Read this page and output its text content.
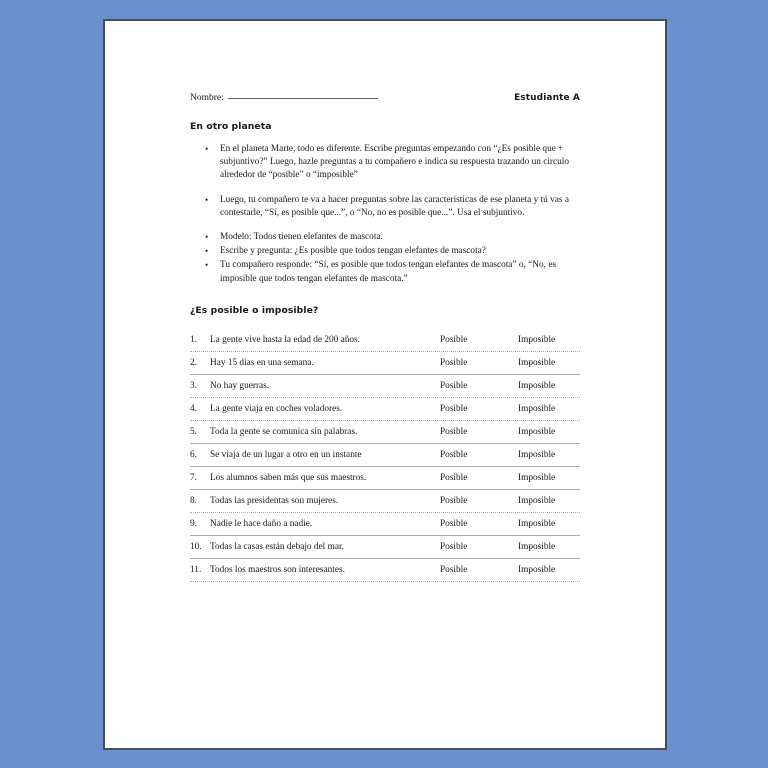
Nombre:	Estudiante A
En otro planeta
• En el planeta Marte, todo es diferente. Escribe preguntas empezando con “¿Es posible que + subjuntivo?” Luego, hazle preguntas a tu compañero e indica su respuesta trazando un circulo alrededor de “posible” o “imposible”
• Luego, tu compañero te va a hacer preguntas sobre las caracteristicas de ese planeta y tú vas a contestarle, “Sí, es posible que...”, o “No, no es posible que...”. Usa el subjuntivo.
• Modelo: Todos tienen elefantes de mascota.
• Escribe y pregunta: ¿Es posible que todos tengan elefantes de mascota?
• Tu compañero responde: “Sí, es posible que todos tengan elefantes de mascota” o, “No, es imposible que todos tengan elefantes de mascota.”
¿Es posible o imposible?
1.	La gente vive hasta la edad de 200 años.	Posible	Imposible

2.	Hay 15 dias en una semana.	Posible	Imposible

3.	No hay guerras.	Posible	Imposible

4.	La gente viaja en coches voladores.	Posible	Imposible

5.	Toda la gente se comunica sin palabras.	Posible	Imposible

6.	Se viaja de un lugar a otro en un instante	Posible	Imposible

7.	Los alumnos saben más que sus maestros.	Posible	Imposible

8.	Todas las presidentas son mujeres.	Posible	Imposible

9.	Nadie le hace daño a nadie.	Posible	Imposible

10.	Todas la casas están debajo del mar.	Posible	Imposible

11.	Todos los maestros son interesantes.	Posible	Imposible
